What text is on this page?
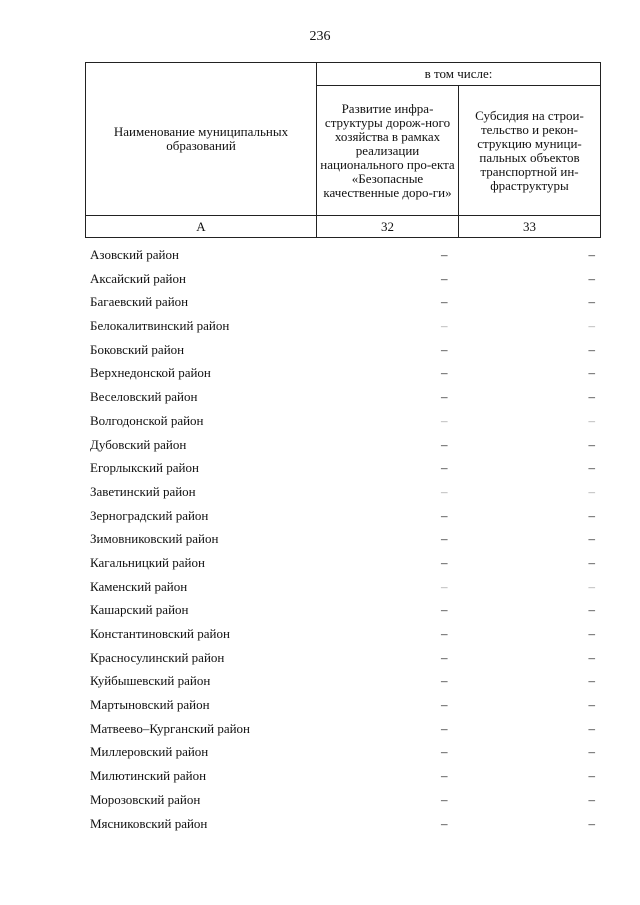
236
Наименование муниципальных образований	в том числе:	
	Развитие инфра-структуры дорож-ного хозяйства в рамках реализации национального про-екта «Безопасные качественные доро-ги»	Субсидия на строи-тельство и рекон-струкцию муници-пальных объектов транспортной ин-фраструктуры
А	32	33
Азовский район	–	–
Аксайский район	–	–
Багаевский район	–	–
Белокалитвинский район	–	–
Боковский район	–	–
Верхнедонской район	–	–
Веселовский район	–	–
Волгодонской район	–	–
Дубовский район	–	–
Егорлыкский район	–	–
Заветинский район	–	–
Зерноградский район	–	–
Зимовниковский район	–	–
Кагальницкий район	–	–
Каменский район	–	–
Кашарский район	–	–
Константиновский район	–	–
Красносулинский район	–	–
Куйбышевский район	–	–
Мартыновский район	–	–
Матвеево–Курганский район	–	–
Миллеровский район	–	–
Милютинский район	–	–
Морозовский район	–	–
Мясниковский район	–	–
